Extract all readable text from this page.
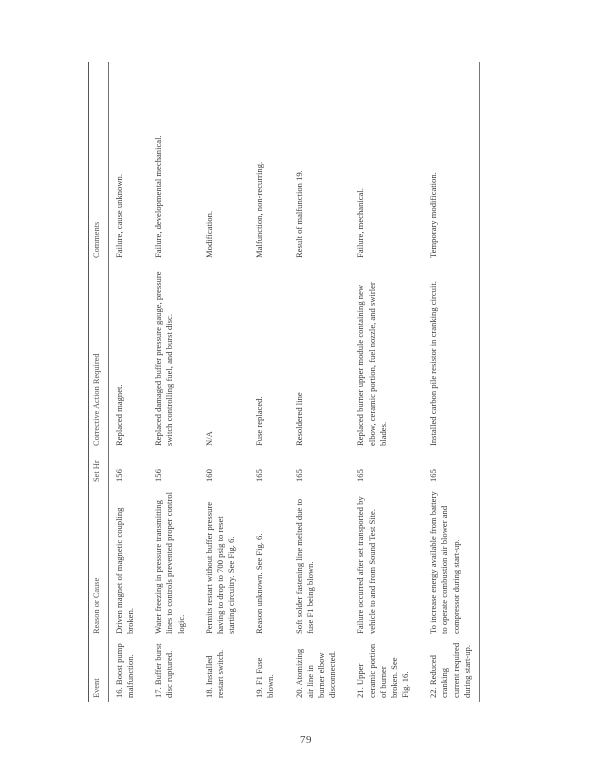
Event	Reason or Cause	Set Hr	Corrective Action Required	Comments
16. Boost pump malfunction.	Driven magnet of magnetic coupling broken.	156	Replaced magnet.	Failure, cause unknown.
17. Buffer burst disc ruptured.	Water freezing in pressure transmitting lines to controls prevented proper control logic.	156	Replaced damaged buffer pressure gauge, pressure switch controlling fuel, and burst disc.	Failure, developmental mechanical.
18. Installed restart switch.	Permits restart without buffer pressure having to drop to 700 psig to reset starting circuitry. See Fig. 6.	160	N/A	Modification.
19. F1 Fuse blown.	Reason unknown. See Fig. 6.	165	Fuse replaced.	Malfunction, non-recurring.
20. Atomizing air line in burner elbow disconnected.	Soft solder fastening line melted due to fuse F1 being blown.	165	Resoldered line	Result of malfunction 19.
21. Upper ceramic portion of burner broken. See Fig. 16.	Failure occurred after set transported by vehicle to and from Sound Test Site.	165	Replaced burner upper module containing new elbow, ceramic portion, fuel nozzle, and swirler blades.	Failure, mechanical.
22. Reduced cranking current required during start-up.	To increase energy available from battery to operate combustion air blower and compressor during start-up.	165	Installed carbon pile resistor in cranking circuit.	Temporary modification.
79
